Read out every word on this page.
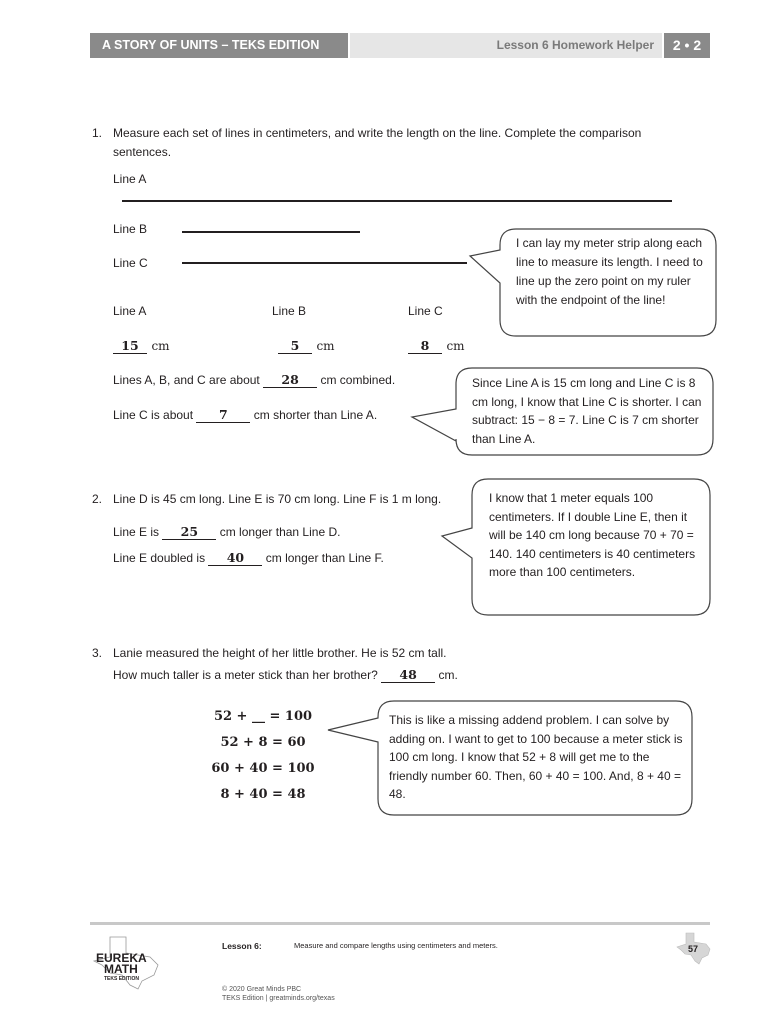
A STORY OF UNITS – TEKS EDITION	Lesson 6 Homework Helper	2 • 2
1. Measure each set of lines in centimeters, and write the length on the line. Complete the comparison
sentences.
Line A
Line B
Line C
I can lay my meter strip along each line to measure its length. I need to line up the zero point on my ruler with the endpoint of the line!
Line A	Line B	Line C
15 cm	5 cm	8 cm
Lines A, B, and C are about 28 cm combined.
Line C is about 7 cm shorter than Line A.
Since Line A is 15 cm long and Line C is 8 cm long, I know that Line C is shorter. I can subtract: 15 − 8 = 7. Line C is 7 cm shorter than Line A.
2. Line D is 45 cm long. Line E is 70 cm long. Line F is 1 m long.
Line E is 25 cm longer than Line D.
Line E doubled is 40 cm longer than Line F.
I know that 1 meter equals 100 centimeters. If I double Line E, then it will be 140 cm long because 70 + 70 = 140. 140 centimeters is 40 centimeters more than 100 centimeters.
3. Lanie measured the height of her little brother. He is 52 cm tall.
How much taller is a meter stick than her brother? 48 cm.
52 + __ = 100
52 + 8 = 60
60 + 40 = 100
8 + 40 = 48
This is like a missing addend problem. I can solve by adding on. I want to get to 100 because a meter stick is 100 cm long. I know that 52 + 8 will get me to the friendly number 60. Then, 60 + 40 = 100. And, 8 + 40 = 48.
EUREKA
MATH
TEKS EDITION
Lesson 6:	Measure and compare lengths using centimeters and meters.	57
© 2020 Great Minds PBC
TEKS Edition | greatminds.org/texas
